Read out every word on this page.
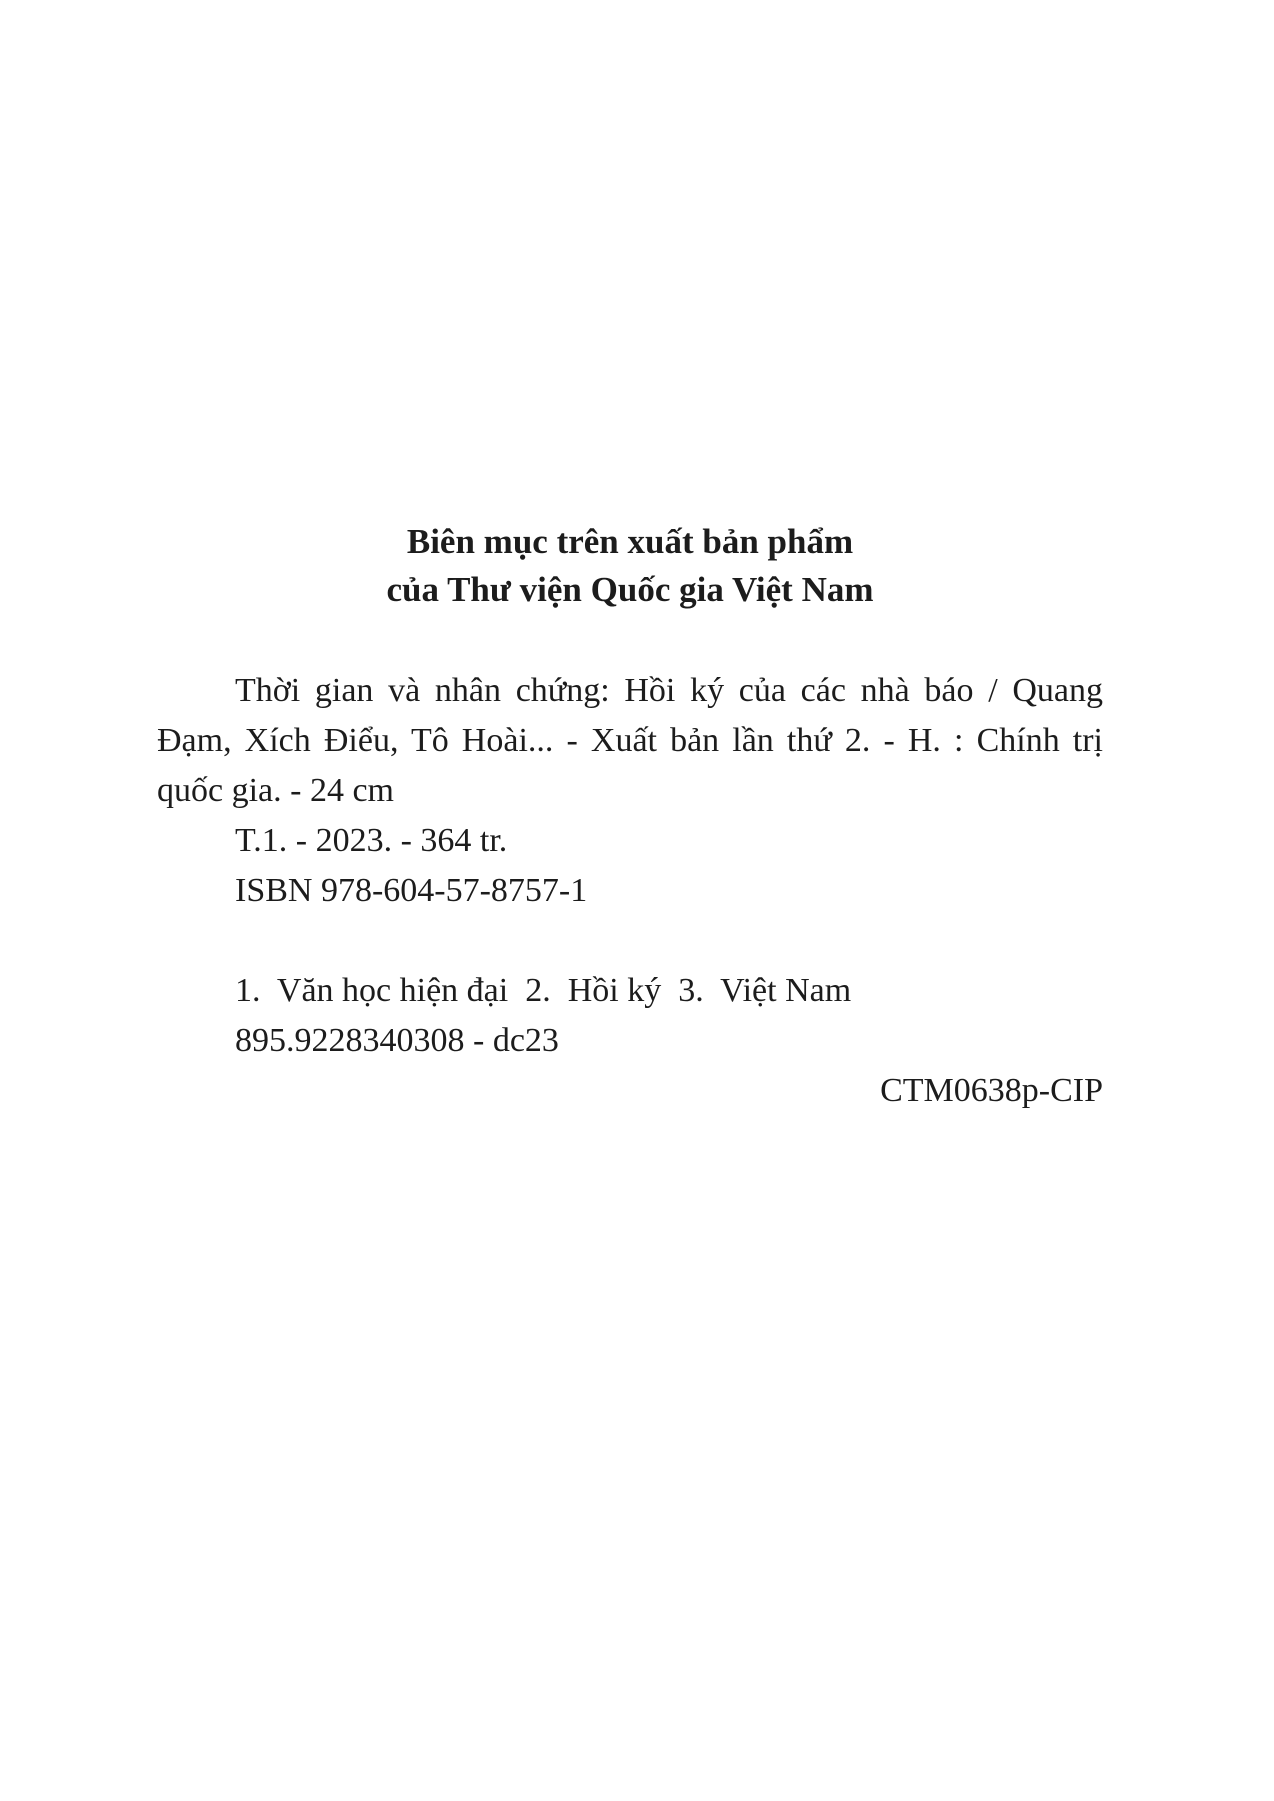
Biên mục trên xuất bản phẩm
của Thư viện Quốc gia Việt Nam
Thời gian và nhân chứng: Hồi ký của các nhà báo / Quang
Đạm, Xích Điểu, Tô Hoài... - Xuất bản lần thứ 2. - H. : Chính trị
quốc gia. - 24 cm
T.1. - 2023. - 364 tr.
ISBN 978-604-57-8757-1
1.  Văn học hiện đại  2.  Hồi ký  3.  Việt Nam
895.9228340308 - dc23
CTM0638p-CIP
